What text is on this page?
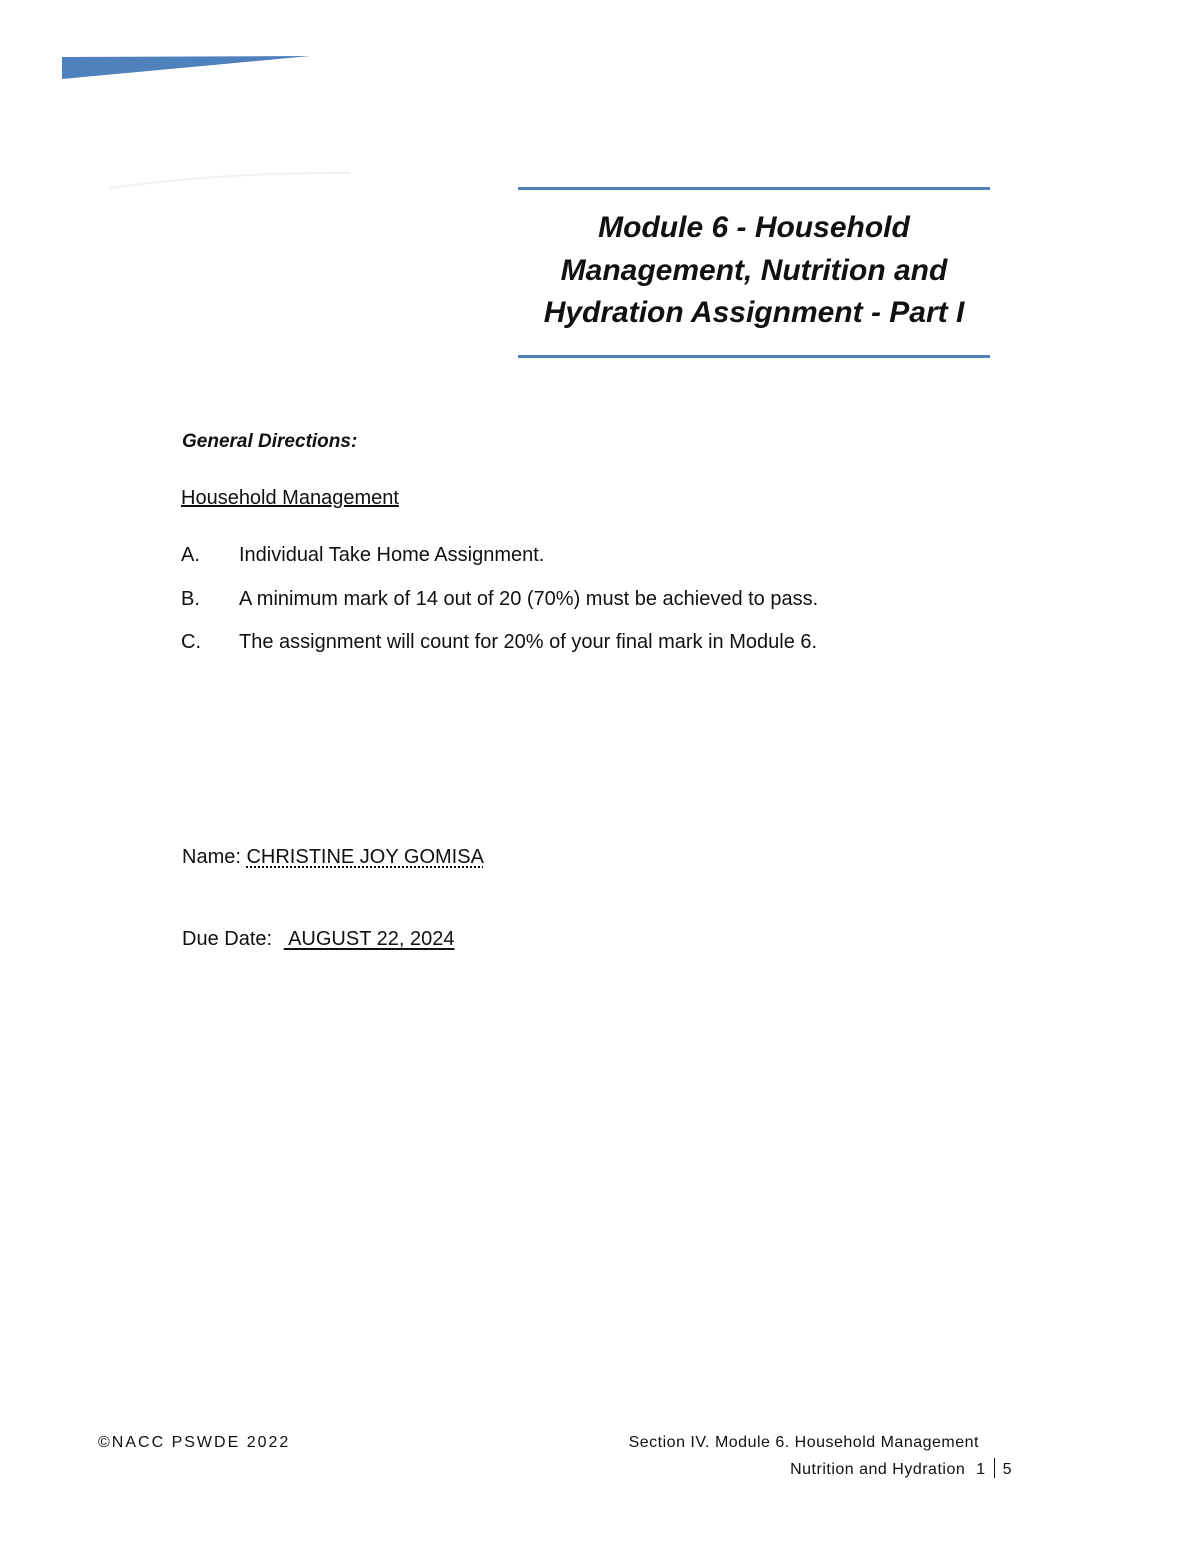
Module 6 - Household
Management, Nutrition and
Hydration Assignment - Part I
General Directions:
Household Management
A. Individual Take Home Assignment.
B. A minimum mark of 14 out of 20 (70%) must be achieved to pass.
C. The assignment will count for 20% of your final mark in Module 6.
Name: CHRISTINE JOY GOMISA
Due Date:  AUGUST 22, 2024
©NACC PSWDE 2022	Section IV. Module 6. Household Management
Nutrition and Hydration 1 5
